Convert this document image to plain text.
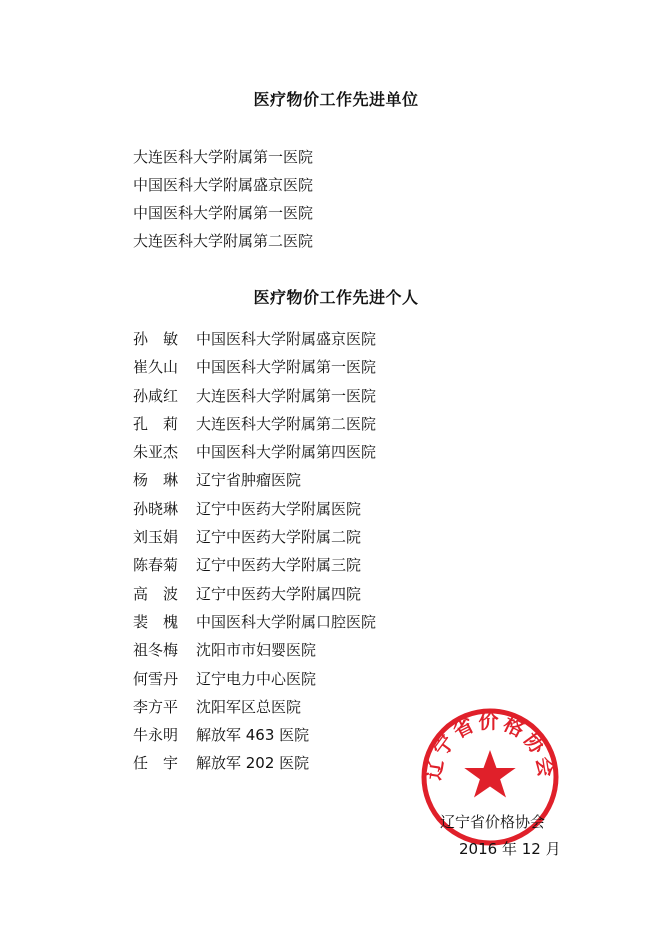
医疗物价工作先进单位
大连医科大学附属第一医院
中国医科大学附属盛京医院
中国医科大学附属第一医院
大连医科大学附属第二医院
医疗物价工作先进个人
孙　敏 中国医科大学附属盛京医院
崔久山 中国医科大学附属第一医院
孙咸红 大连医科大学附属第一医院
孔　莉 大连医科大学附属第二医院
朱亚杰 中国医科大学附属第四医院
杨　琳 辽宁省肿瘤医院
孙晓琳 辽宁中医药大学附属医院
刘玉娟 辽宁中医药大学附属二院
陈春菊 辽宁中医药大学附属三院
高　波 辽宁中医药大学附属四院
裴　槐 中国医科大学附属口腔医院
祖冬梅 沈阳市市妇婴医院
何雪丹 辽宁电力中心医院
李方平 沈阳军区总医院
牛永明 解放军 463 医院
任　宇 解放军 202 医院	辽宁省价格协会
辽宁省价格协会
2016 年 12 月
